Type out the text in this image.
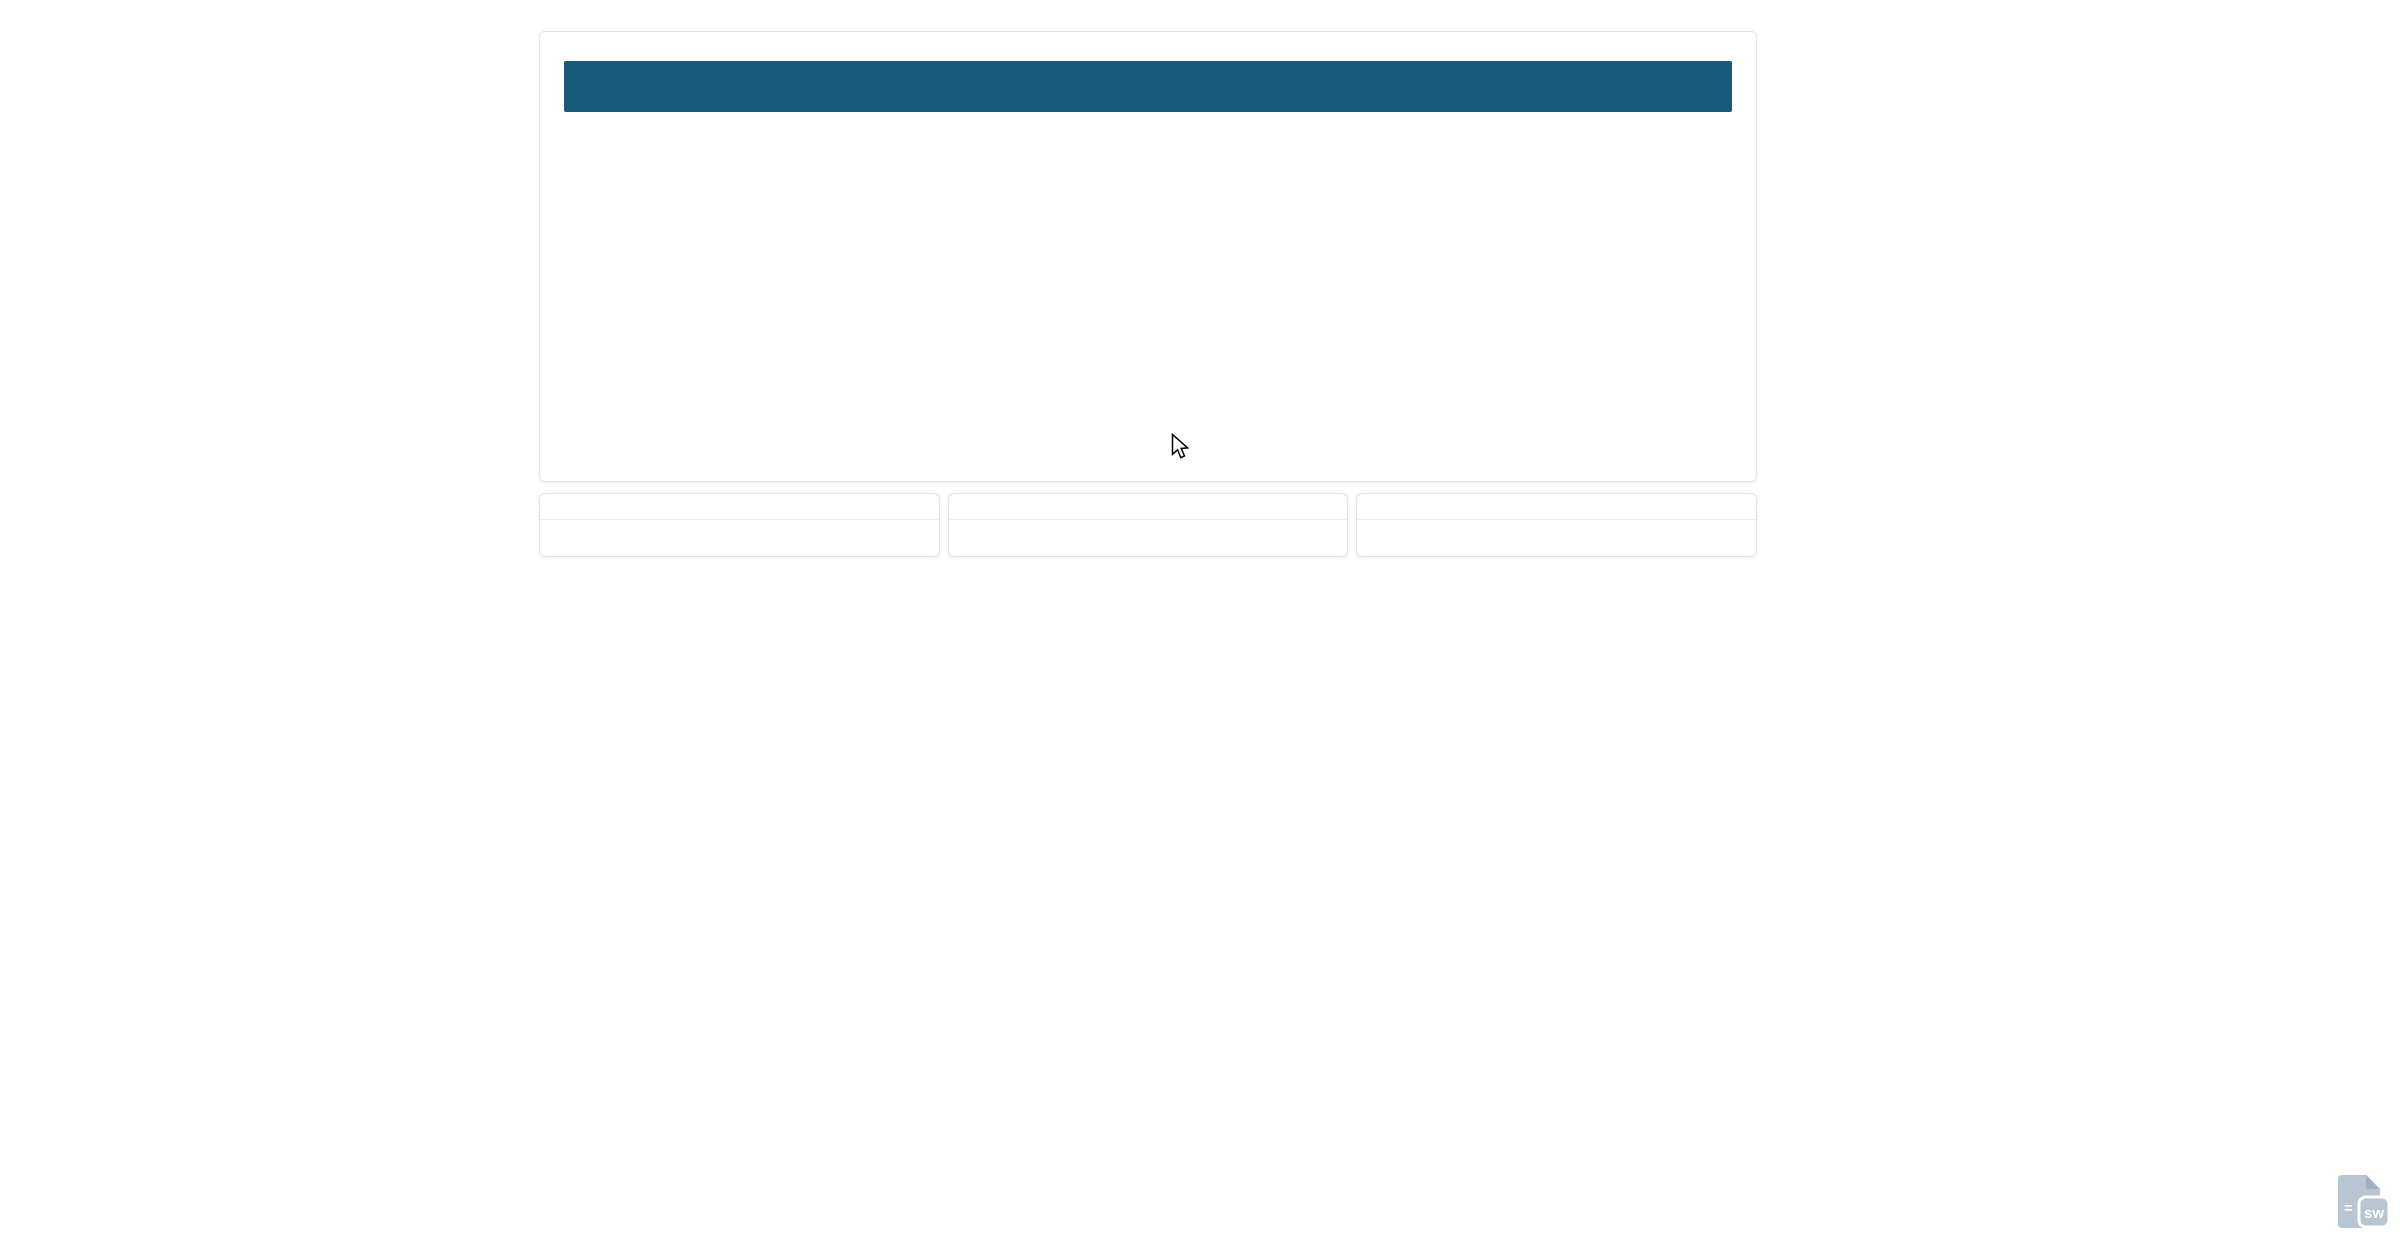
= sw
